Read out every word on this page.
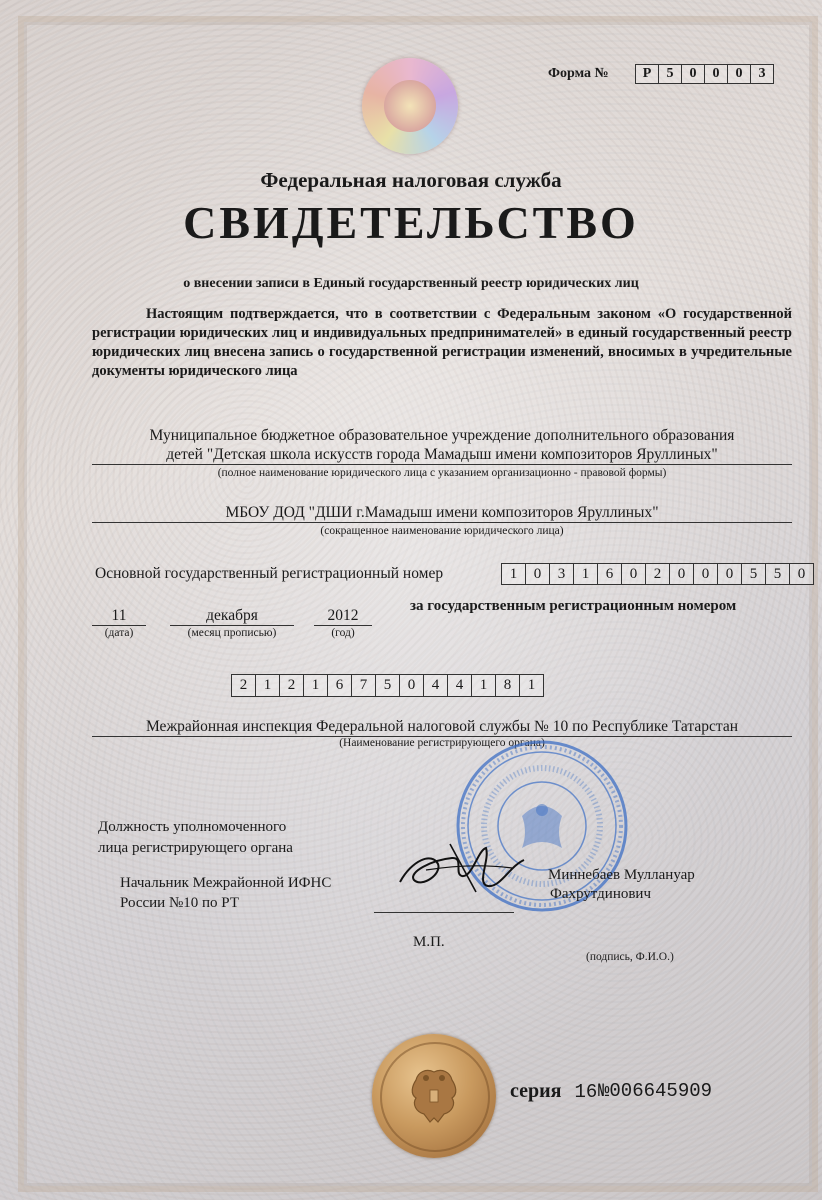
Форма №	Р	5	0	0	0	3
Федеральная налоговая служба
СВИДЕТЕЛЬСТВО
о внесении записи в Единый государственный реестр юридических лиц
Настоящим подтверждается, что в соответствии с Федеральным законом «О государственной регистрации юридических лиц и индивидуальных предпринимателей» в единый государственный реестр юридических лиц внесена запись о государственной регистрации изменений, вносимых в учредительные документы юридического лица
Муниципальное бюджетное образовательное учреждение дополнительного образования
детей "Детская школа искусств города Мамадыш имени композиторов Яруллиных"
(полное наименование юридического лица с указанием организационно - правовой формы)
МБОУ ДОД "ДШИ г.Мамадыш имени композиторов Яруллиных"
(сокращенное наименование юридического лица)
Основной государственный регистрационный номер	1	0	3	1	6	0	2	0	0	0	5	5	0
11
(дата)
декабря
(месяц прописью)
2012
(год)
за государственным регистрационным номером
2	1	2	1	6	7	5	0	4	4	1	8	1
Межрайонная инспекция Федеральной налоговой службы № 10 по Республике Татарстан
(Наименование регистрирующего органа)
Должность уполномоченного
лица регистрирующего органа
Начальник Межрайонной ИФНС
России №10 по РТ
Миннебаев Муллануар
Фахрутдинович
М.П.
(подпись, Ф.И.О.)
серия 16 №006645909
